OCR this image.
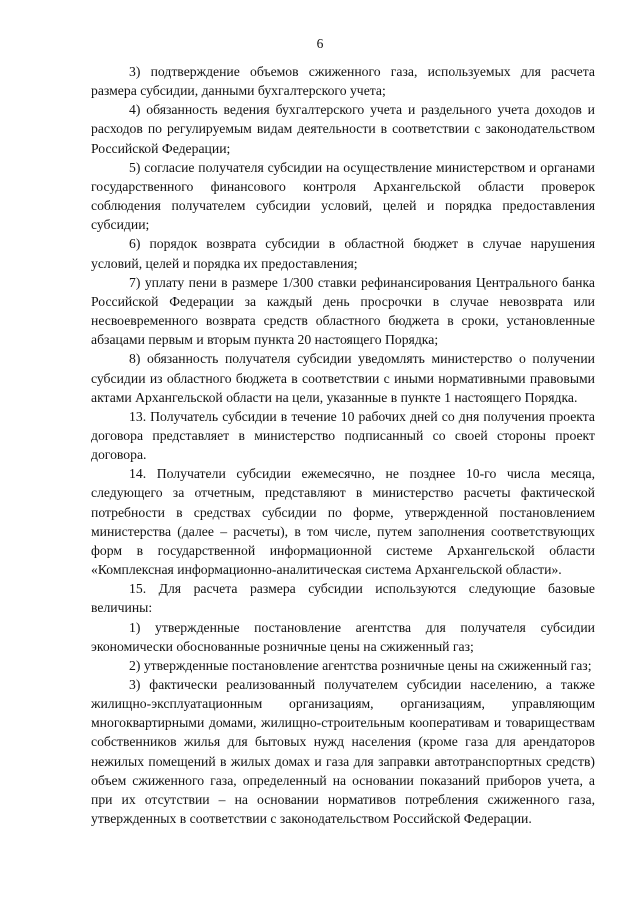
6

3) подтверждение объемов сжиженного газа, используемых для расчета размера субсидии, данными бухгалтерского учета;

4) обязанность ведения бухгалтерского учета и раздельного учета доходов и расходов по регулируемым видам деятельности в соответствии с законодательством Российской Федерации;

5) согласие получателя субсидии на осуществление министерством и органами государственного финансового контроля Архангельской области проверок соблюдения получателем субсидии условий, целей и порядка предоставления субсидии;

6) порядок возврата субсидии в областной бюджет в случае нарушения условий, целей и порядка их предоставления;

7) уплату пени в размере 1/300 ставки рефинансирования Центрального банка Российской Федерации за каждый день просрочки в случае невозврата или несвоевременного возврата средств областного бюджета в сроки, установленные абзацами первым и вторым пункта 20 настоящего Порядка;

8) обязанность получателя субсидии уведомлять министерство о получении субсидии из областного бюджета в соответствии с иными нормативными правовыми актами Архангельской области на цели, указанные в пункте 1 настоящего Порядка.

13. Получатель субсидии в течение 10 рабочих дней со дня получения проекта договора представляет в министерство подписанный со своей стороны проект договора.

14. Получатели субсидии ежемесячно, не позднее 10-го числа месяца, следующего за отчетным, представляют в министерство расчеты фактической потребности в средствах субсидии по форме, утвержденной постановлением министерства (далее – расчеты), в том числе, путем заполнения соответствующих форм в государственной информационной системе Архангельской области «Комплексная информационно-аналитическая система Архангельской области».

15. Для расчета размера субсидии используются следующие базовые величины:

1) утвержденные постановление агентства для получателя субсидии экономически обоснованные розничные цены на сжиженный газ;

2) утвержденные постановление агентства розничные цены на сжиженный газ;

3) фактически реализованный получателем субсидии населению, а также жилищно-эксплуатационным организациям, организациям, управляющим многоквартирными домами, жилищно-строительным кооперативам и товариществам собственников жилья для бытовых нужд населения (кроме газа для арендаторов нежилых помещений в жилых домах и газа для заправки автотранспортных средств) объем сжиженного газа, определенный на основании показаний приборов учета, а при их отсутствии – на основании нормативов потребления сжиженного газа, утвержденных в соответствии с законодательством Российской Федерации.
